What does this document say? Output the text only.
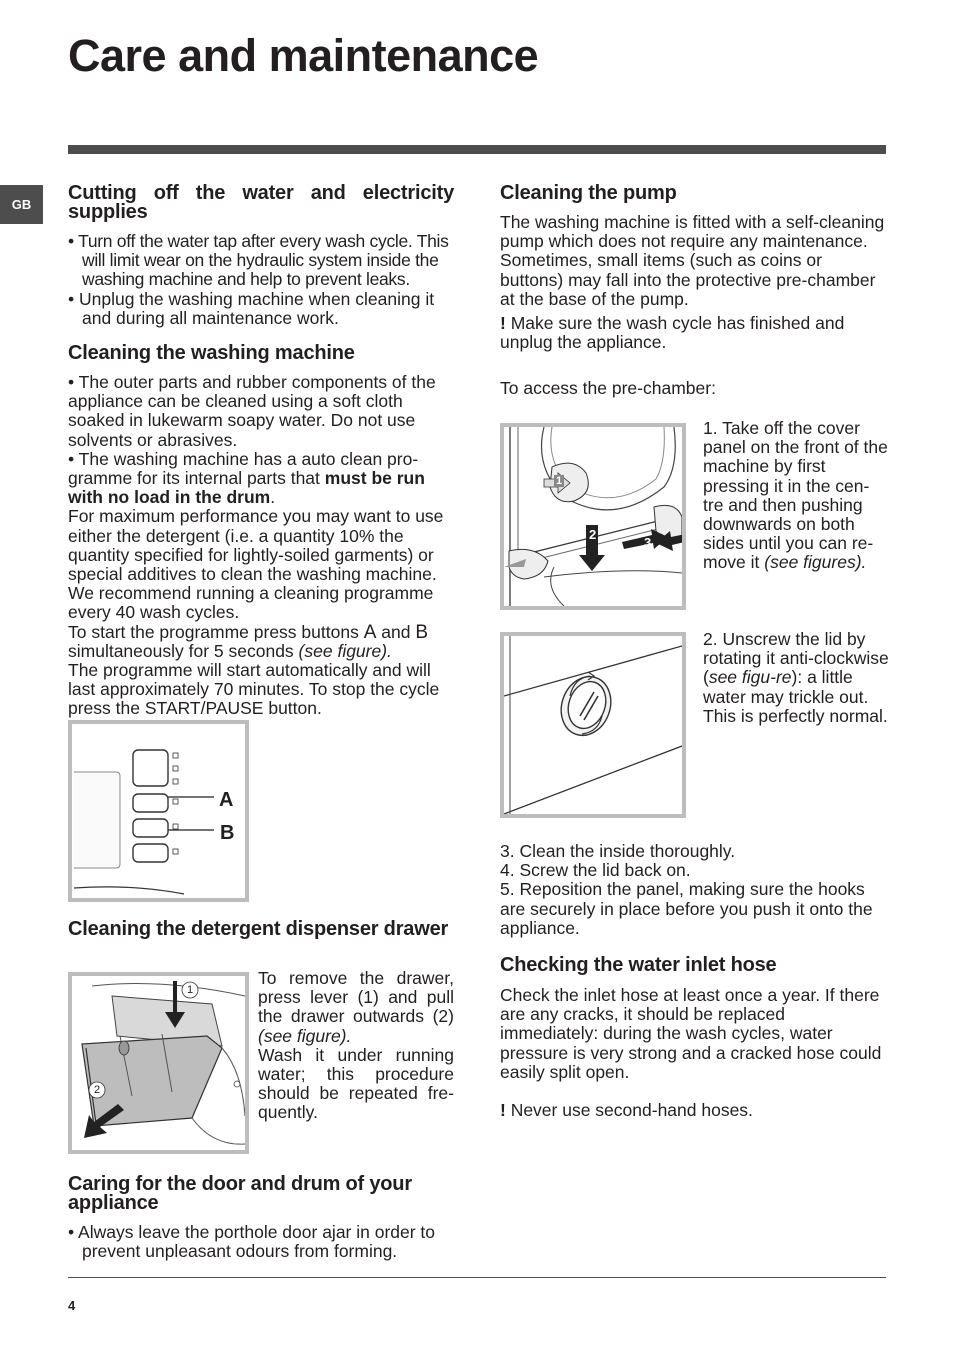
Care and maintenance
GB
Cutting off the water and electricity supplies

• Turn off the water tap after every wash cycle. This will limit wear on the hydraulic system inside the washing machine and help to prevent leaks.

• Unplug the washing machine when cleaning it and during all maintenance work.

Cleaning the washing machine

• The outer parts and rubber components of the appliance can be cleaned using a soft cloth soaked in lukewarm soapy water. Do not use solvents or abrasives.

• The washing machine has a auto clean pro-gramme for its internal parts that must be run with no load in the drum.

For maximum performance you may want to use either the detergent (i.e. a quantity 10% the quantity specified for lightly-soiled garments) or special additives to clean the washing machine. We recommend running a cleaning programme every 40 wash cycles.

To start the programme press buttons A and B simultaneously for 5 seconds (see figure).

The programme will start automatically and will last approximately 70 minutes. To stop the cycle press the START/PAUSE button.

A
B
Cleaning the detergent dispenser drawer
1
2

To remove the drawer, press lever (1) and pull the drawer outwards (2) (see figure).

Wash it under running water; this procedure should be repeated fre-quently.

Caring for the door and drum of your appliance

• Always leave the porthole door ajar in order to prevent unpleasant odours from forming.

Cleaning the pump

The washing machine is fitted with a self-cleaning pump which does not require any maintenance. Sometimes, small items (such as coins or buttons) may fall into the protective pre-chamber at the base of the pump.

! Make sure the wash cycle has finished and unplug the appliance.

To access the pre-chamber:

1
2
3

1. Take off the cover panel on the front of the machine by first pressing it in the cen-tre and then pushing downwards on both sides until you can re-move it (see figures).

2. Unscrew the lid by rotating it anti-clockwise (see figu-re): a little water may trickle out. This is perfectly normal.

3. Clean the inside thoroughly.

4. Screw the lid back on.

5. Reposition the panel, making sure the hooks are securely in place before you push it onto the appliance.

Checking the water inlet hose

Check the inlet hose at least once a year. If there are any cracks, it should be replaced immediately: during the wash cycles, water pressure is very strong and a cracked hose could easily split open.

! Never use second-hand hoses.

4
